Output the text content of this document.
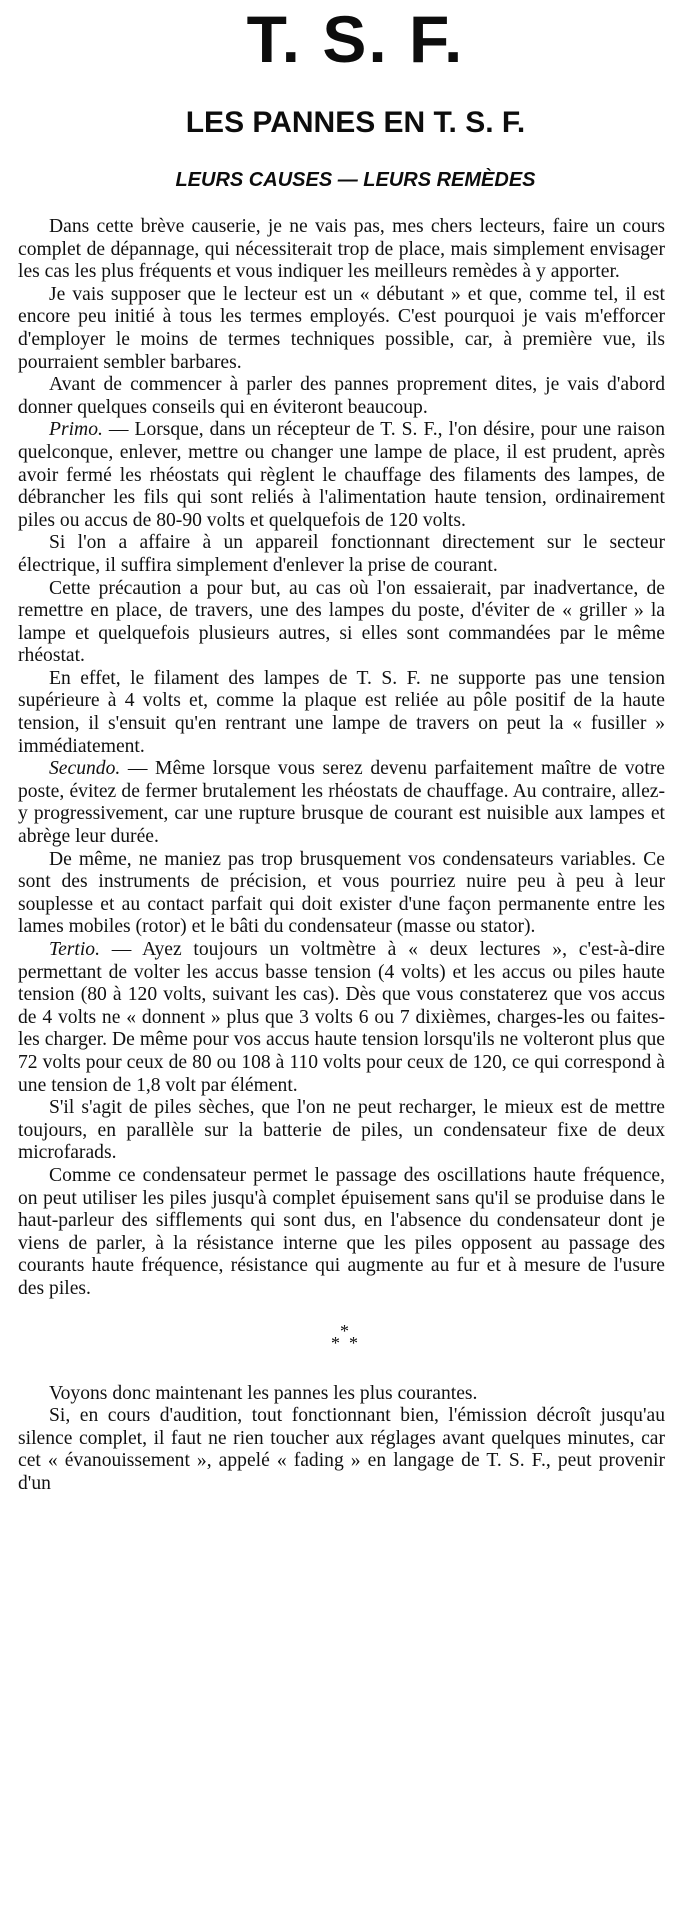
T. S. F.
LES PANNES EN T. S. F.
LEURS CAUSES — LEURS REMÈDES

Dans cette brève causerie, je ne vais pas, mes chers lecteurs, faire un cours complet de dépannage, qui nécessiterait trop de place, mais simplement envisager les cas les plus fréquents et vous indiquer les meilleurs remèdes à y apporter.

Je vais supposer que le lecteur est un « débutant » et que, comme tel, il est encore peu initié à tous les termes employés. C'est pourquoi je vais m'efforcer d'employer le moins de termes techniques possible, car, à première vue, ils pourraient sembler barbares.

Avant de commencer à parler des pannes proprement dites, je vais d'abord donner quelques conseils qui en éviteront beaucoup.

Primo. — Lorsque, dans un récepteur de T. S. F., l'on désire, pour une raison quelconque, enlever, mettre ou changer une lampe de place, il est prudent, après avoir fermé les rhéostats qui règlent le chauffage des filaments des lampes, de débrancher les fils qui sont reliés à l'alimentation haute tension, ordinairement piles ou accus de 80-90 volts et quelquefois de 120 volts.

Si l'on a affaire à un appareil fonctionnant directement sur le secteur électrique, il suffira simplement d'enlever la prise de courant.

Cette précaution a pour but, au cas où l'on essaierait, par inadvertance, de remettre en place, de travers, une des lampes du poste, d'éviter de « griller » la lampe et quelquefois plusieurs autres, si elles sont commandées par le même rhéostat.

En effet, le filament des lampes de T. S. F. ne supporte pas une tension supérieure à 4 volts et, comme la plaque est reliée au pôle positif de la haute tension, il s'ensuit qu'en rentrant une lampe de travers on peut la « fusiller » immédiatement.

Secundo. — Même lorsque vous serez devenu parfaitement maître de votre poste, évitez de fermer brutalement les rhéostats de chauffage. Au contraire, allez-y progressivement, car une rupture brusque de courant est nuisible aux lampes et abrège leur durée.

De même, ne maniez pas trop brusquement vos condensateurs variables. Ce sont des instruments de précision, et vous pourriez nuire peu à peu à leur souplesse et au contact parfait qui doit exister d'une façon permanente entre les lames mobiles (rotor) et le bâti du condensateur (masse ou stator).

Tertio. — Ayez toujours un voltmètre à « deux lectures », c'est-à-dire permettant de volter les accus basse tension (4 volts) et les accus ou piles haute tension (80 à 120 volts, suivant les cas). Dès que vous constaterez que vos accus de 4 volts ne « donnent » plus que 3 volts 6 ou 7 dixièmes, charges-les ou faites-les charger. De même pour vos accus haute tension lorsqu'ils ne volteront plus que 72 volts pour ceux de 80 ou 108 à 110 volts pour ceux de 120, ce qui correspond à une tension de 1,8 volt par élément.

S'il s'agit de piles sèches, que l'on ne peut recharger, le mieux est de mettre toujours, en parallèle sur la batterie de piles, un condensateur fixe de deux microfarads.

Comme ce condensateur permet le passage des oscillations haute fréquence, on peut utiliser les piles jusqu'à complet épuisement sans qu'il se produise dans le haut-parleur des sifflements qui sont dus, en l'absence du condensateur dont je viens de parler, à la résistance interne que les piles opposent au passage des courants haute fréquence, résistance qui augmente au fur et à mesure de l'usure des piles.

*
* *

Voyons donc maintenant les pannes les plus courantes.

Si, en cours d'audition, tout fonctionnant bien, l'émission décroît jusqu'au silence complet, il faut ne rien toucher aux réglages avant quelques minutes, car cet « évanouissement », appelé « fading » en langage de T. S. F., peut provenir d'un
